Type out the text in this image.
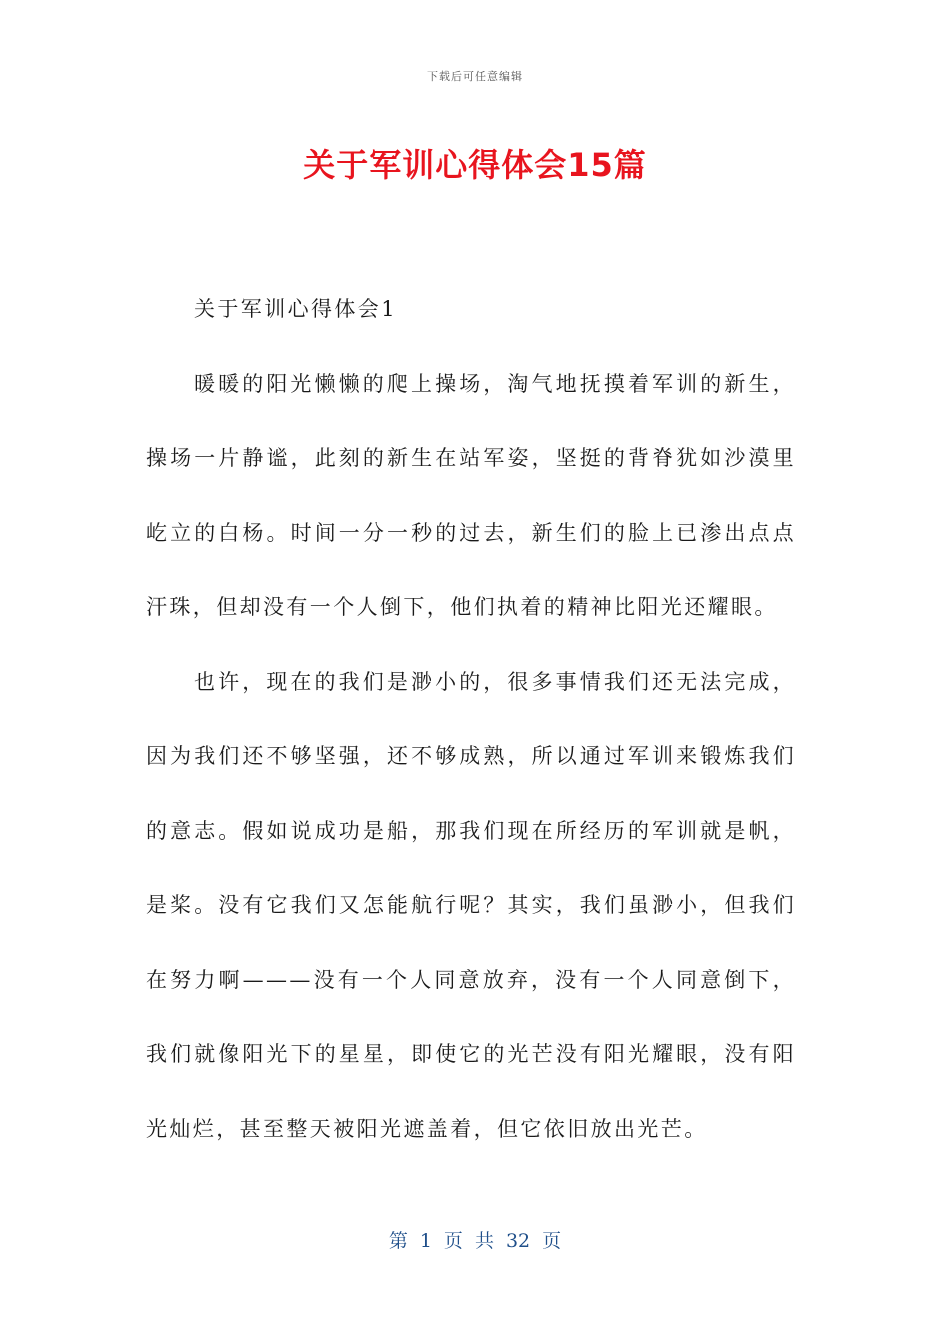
下载后可任意编辑
关于军训心得体会15篇

关于军训心得体会1

暖暖的阳光懒懒的爬上操场，淘气地抚摸着军训的新生，操场一片静谧，此刻的新生在站军姿，坚挺的背脊犹如沙漠里屹立的白杨。时间一分一秒的过去，新生们的脸上已渗出点点汗珠，但却没有一个人倒下，他们执着的精神比阳光还耀眼。

也许，现在的我们是渺小的，很多事情我们还无法完成，因为我们还不够坚强，还不够成熟，所以通过军训来锻炼我们的意志。假如说成功是船，那我们现在所经历的军训就是帆，是桨。没有它我们又怎能航行呢？其实，我们虽渺小，但我们在努力啊———没有一个人同意放弃，没有一个人同意倒下，我们就像阳光下的星星，即使它的光芒没有阳光耀眼，没有阳光灿烂，甚至整天被阳光遮盖着，但它依旧放出光芒。

第 1 页 共 32 页
